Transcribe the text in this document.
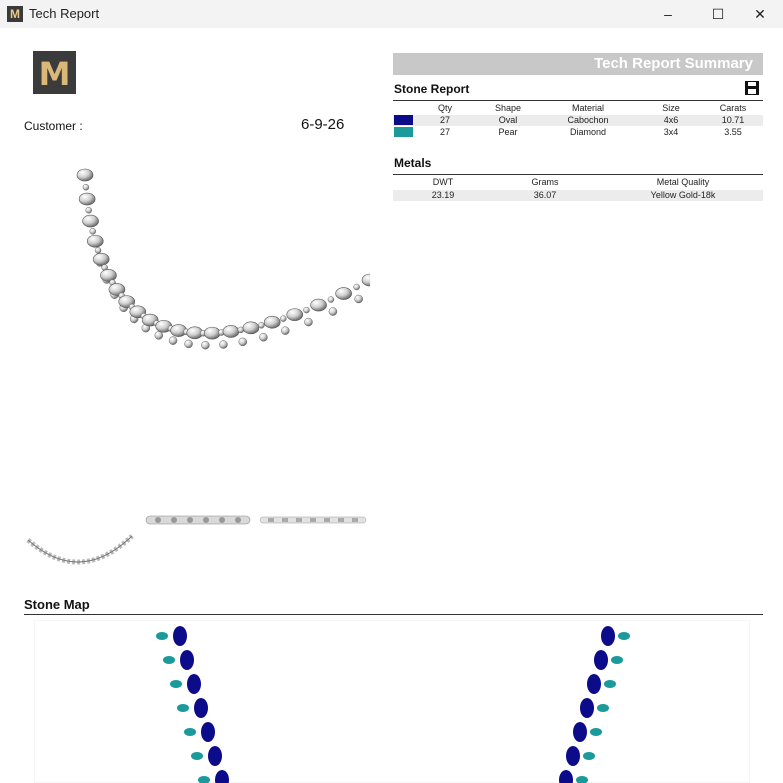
M Tech Report	–	☐	✕
M
Customer :	6-9-26
Tech Report Summary
Stone Report
Qty	Shape	Material	Size	Carats
27	Oval	Cabochon	4x6	10.71
27	Pear	Diamond	3x4	3.55
Metals
DWT	Grams	Metal Quality
23.19	36.07	Yellow Gold-18k
Stone Map
